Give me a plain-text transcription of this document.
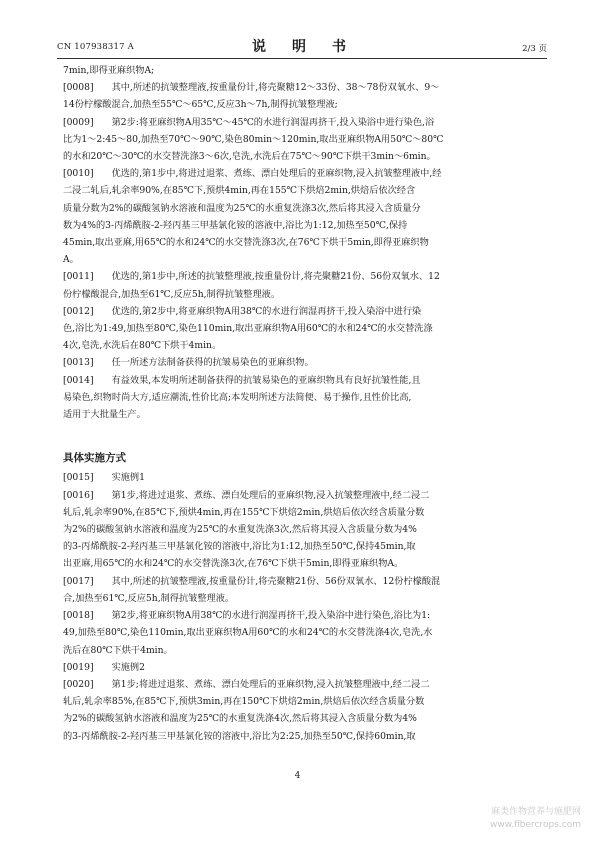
CN 107938317 A	说　明　书	2/3 页
7min,即得亚麻织物A;
[0008] 其中,所述的抗皱整理液,按重量份计,将壳聚糖12～33份、38～78份双氧水、9～
14份柠檬酸混合,加热至55℃～65℃,反应3h～7h,制得抗皱整理液;
[0009] 第2步:将亚麻织物A用35℃～45℃的水进行润湿再挤干,投入染浴中进行染色,浴
比为1～2:45～80,加热至70℃～90℃,染色80min～120min,取出亚麻织物A用50℃～80℃
的水和20℃～30℃的水交替洗涤3～6次,皂洗,水洗后在75℃～90℃下烘干3min～6min。
[0010] 优选的,第1步中,将进过退浆、煮练、漂白处理后的亚麻织物,浸入抗皱整理液中,经
二浸二轧后,轧余率90%,在85℃下,预烘4min,再在155℃下烘焙2min,烘焙后依次经含
质量分数为2%的碳酸氢钠水溶液和温度为25℃的水重复洗涤3次,然后将其浸入含质量分
数为4%的3-丙烯酰胺-2-羟丙基三甲基氯化铵的溶液中,浴比为1:12,加热至50℃,保持
45min,取出亚麻,用65℃的水和24℃的水交替洗涤3次,在76℃下烘干5min,即得亚麻织物
A。
[0011] 优选的,第1步中,所述的抗皱整理液,按重量份计,将壳聚糖21份、56份双氧水、12
份柠檬酸混合,加热至61℃,反应5h,制得抗皱整理液。
[0012] 优选的,第2步中,将亚麻织物A用38℃的水进行润湿再挤干,投入染浴中进行染
色,浴比为1:49,加热至80℃,染色110min,取出亚麻织物A用60℃的水和24℃的水交替洗涤
4次,皂洗,水洗后在80℃下烘干4min。
[0013] 任一所述方法制备获得的抗皱易染色的亚麻织物。
[0014] 有益效果,本发明所述制备获得的抗皱易染色的亚麻织物具有良好抗皱性能,且
易染色,织物时尚大方,适应潮流,性价比高;本发明所述方法简便、易于操作,且性价比高,
适用于大批量生产。
具体实施方式
[0015] 实施例1
[0016] 第1步,将进过退浆、煮练、漂白处理后的亚麻织物,浸入抗皱整理液中,经二浸二
轧后,轧余率90%,在85℃下,预烘4min,再在155℃下烘焙2min,烘焙后依次经含质量分数
为2%的碳酸氢钠水溶液和温度为25℃的水重复洗涤3次,然后将其浸入含质量分数为4%
的3-丙烯酰胺-2-羟丙基三甲基氯化铵的溶液中,浴比为1:12,加热至50℃,保持45min,取
出亚麻,用65℃的水和24℃的水交替洗涤3次,在76℃下烘干5min,即得亚麻织物A。
[0017] 其中,所述的抗皱整理液,按重量份计,将壳聚糖21份、56份双氧水、12份柠檬酸混
合,加热至61℃,反应5h,制得抗皱整理液。
[0018] 第2步,将亚麻织物A用38℃的水进行润湿再挤干,投入染浴中进行染色,浴比为1:
49,加热至80℃,染色110min,取出亚麻织物A用60℃的水和24℃的水交替洗涤4次,皂洗,水
洗后在80℃下烘干4min。
[0019] 实施例2
[0020] 第1步;将进过退浆、煮练、漂白处理后的亚麻织物,浸入抗皱整理液中,经二浸二
轧后,轧余率85%,在85℃下,预烘3min,再在150℃下烘焙2min,烘焙后依次经含质量分数
为2%的碳酸氢钠水溶液和温度为25℃的水重复洗涤4次,然后将其浸入含质量分数为4%
的3-丙烯酰胺-2-羟丙基三甲基氯化铵的溶液中,浴比为2:25,加热至50℃,保持60min,取
4
麻类作物营养与施肥网
www.fibercrops.com
